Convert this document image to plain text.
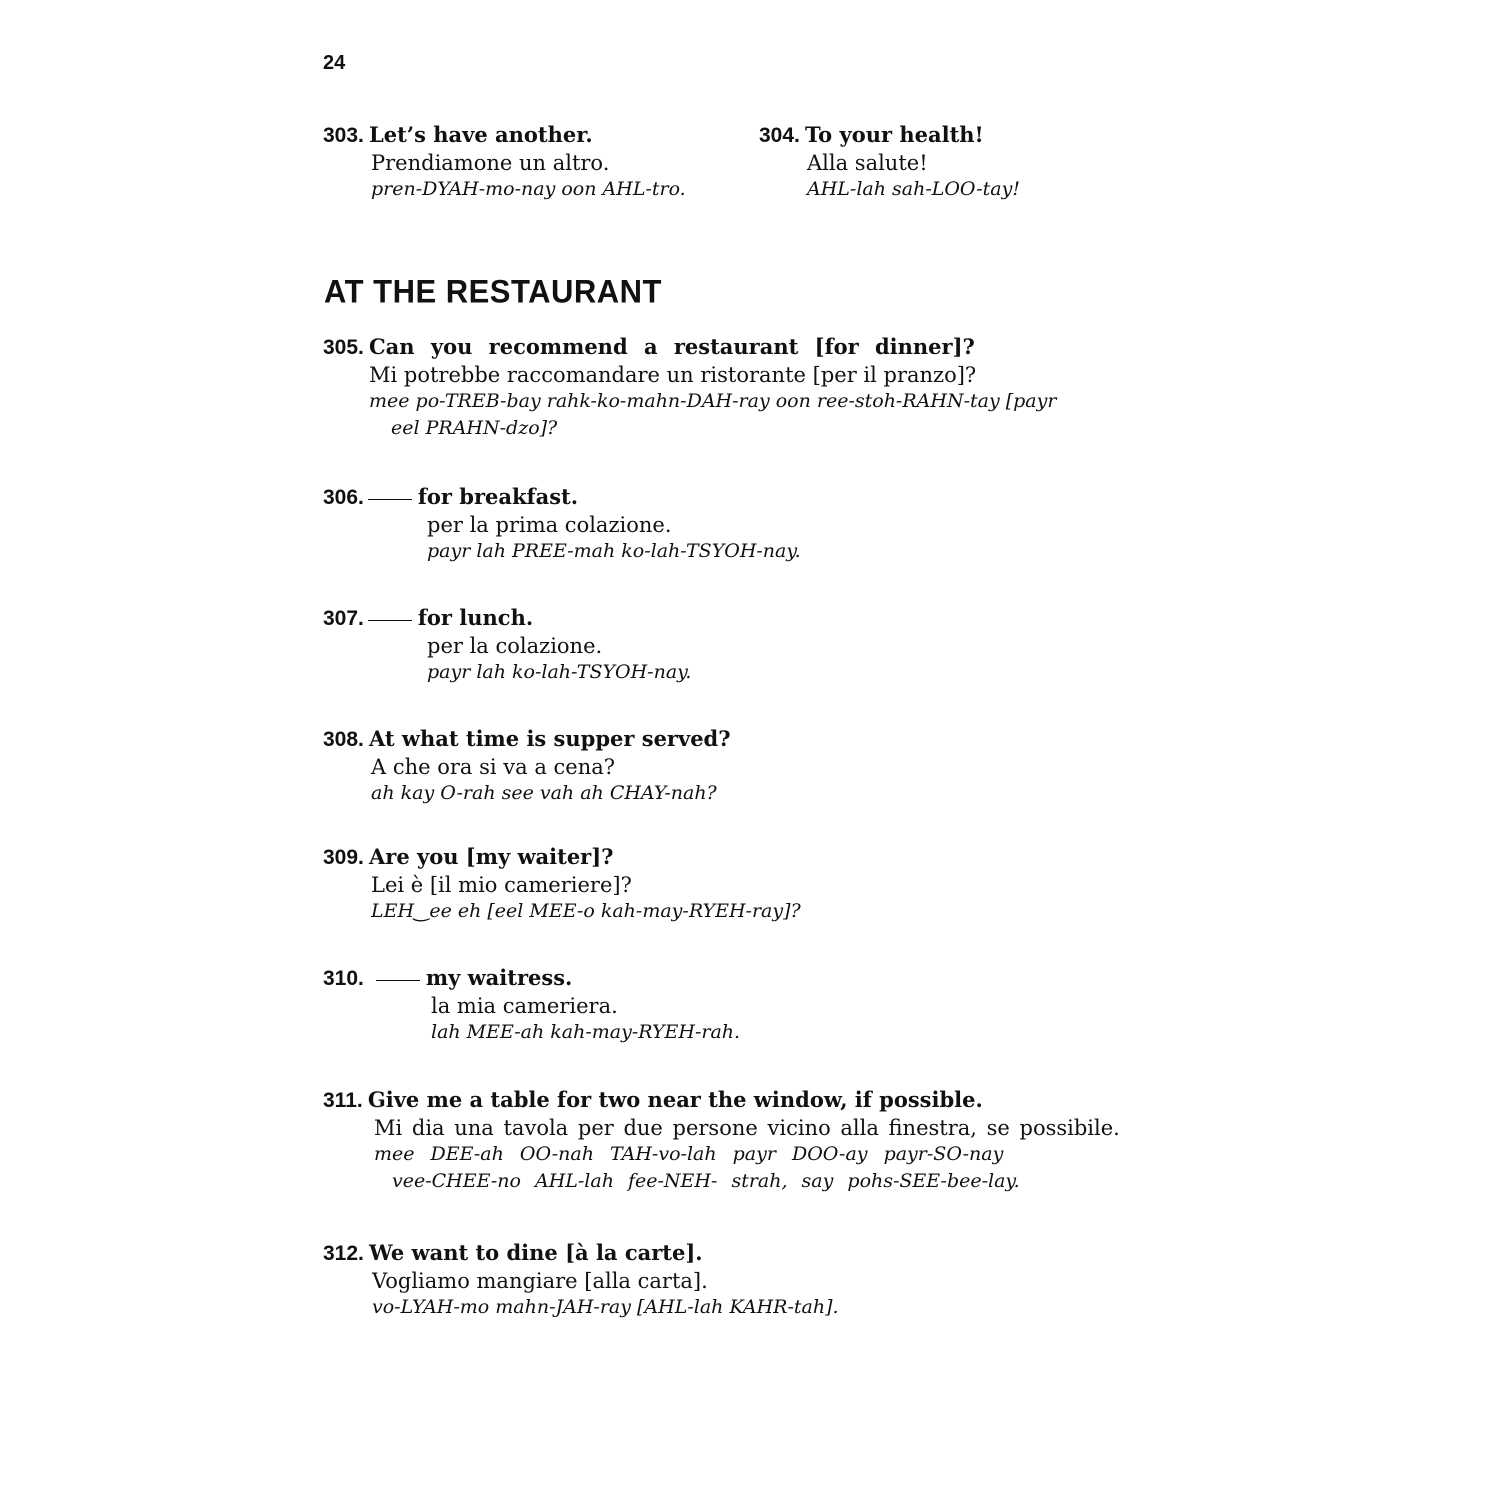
24
303. Let’s have another.
Prendiamone un altro.
pren-DYAH-mo-nay oon AHL-tro.
304. To your health!
Alla salute!
AHL-lah sah-LOO-tay!
AT THE RESTAURANT
305. Can you recommend a restaurant [for dinner]?
Mi potrebbe raccomandare un ristorante [per il pranzo]?
mee po-TREB-bay rahk-ko-mahn-DAH-ray oon ree-stoh-RAHN-tay [payr
eel PRAHN-dzo]?
306.	for breakfast.
per la prima colazione.
payr lah PREE-mah ko-lah-TSYOH-nay.
307.	for lunch.
per la colazione.
payr lah ko-lah-TSYOH-nay.
308. At what time is supper served?
A che ora si va a cena?
ah kay O-rah see vah ah CHAY-nah?
309. Are you [my waiter]?
Lei è [il mio cameriere]?
LEH‿ee eh [eel MEE-o kah-may-RYEH-ray]?
310.	my waitress.
la mia cameriera.
lah MEE-ah kah-may-RYEH-rah.
311. Give me a table for two near the window, if possible.
Mi dia una tavola per due persone vicino alla finestra, se possibile.
mee DEE-ah OO-nah TAH-vo-lah payr DOO-ay payr-SO-nay
vee-CHEE-no AHL-lah fee-NEH- strah, say pohs-SEE-bee-lay.
312. We want to dine [à la carte].
Vogliamo mangiare [alla carta].
vo-LYAH-mo mahn-JAH-ray [AHL-lah KAHR-tah].
